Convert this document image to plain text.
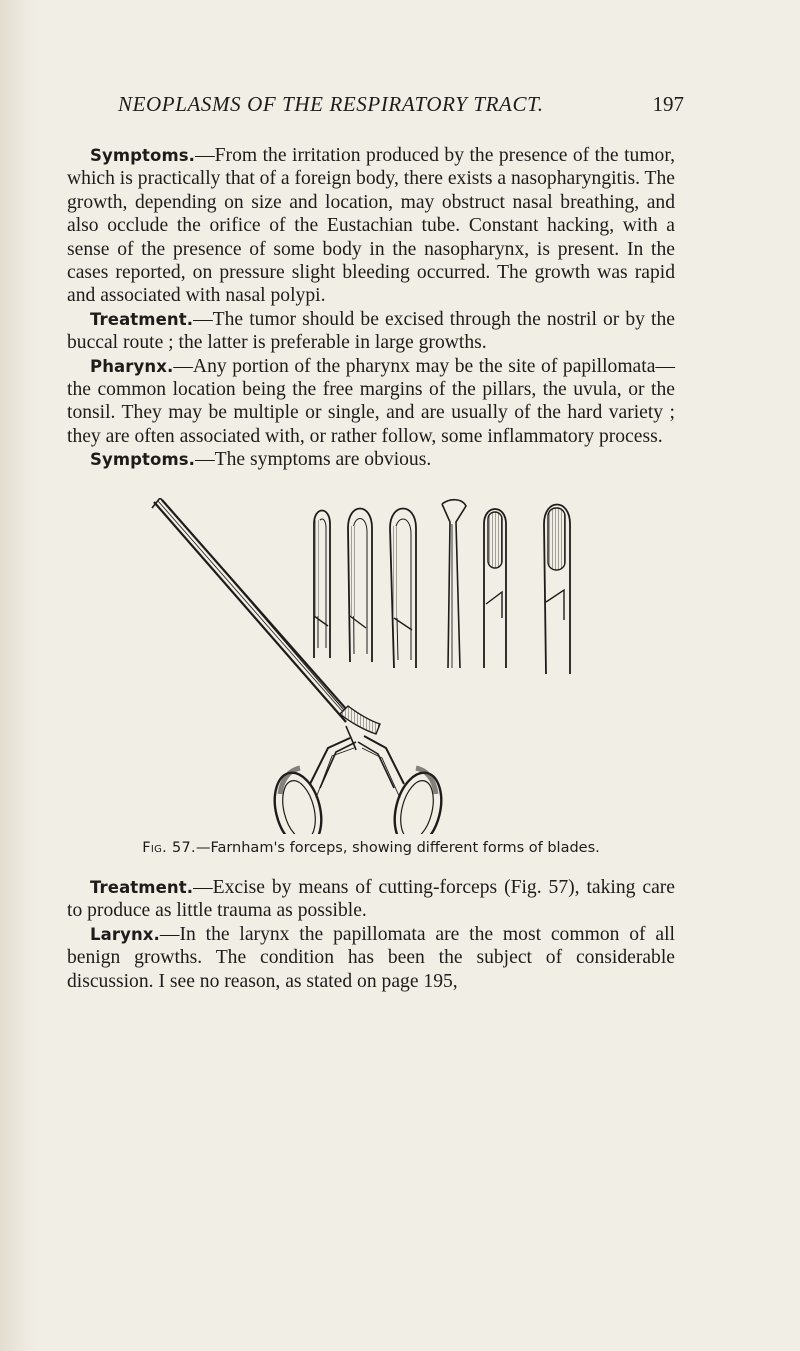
NEOPLASMS OF THE RESPIRATORY TRACT.	197

Symptoms.—From the irritation produced by the presence of the tumor, which is practically that of a foreign body, there exists a nasopharyngitis. The growth, depending on size and location, may obstruct nasal breathing, and also occlude the orifice of the Eustachian tube. Constant hacking, with a sense of the presence of some body in the nasopharynx, is present. In the cases reported, on pressure slight bleeding occurred. The growth was rapid and associated with nasal polypi.

Treatment.—The tumor should be excised through the nostril or by the buccal route ; the latter is preferable in large growths.

Pharynx.—Any portion of the pharynx may be the site of papillomata—the common location being the free margins of the pillars, the uvula, or the tonsil. They may be multiple or single, and are usually of the hard variety ; they are often associated with, or rather follow, some inflammatory process.

Symptoms.—The symptoms are obvious.

Fig. 57.—Farnham's forceps, showing different forms of blades.

Treatment.—Excise by means of cutting-forceps (Fig. 57), taking care to produce as little trauma as possible.

Larynx.—In the larynx the papillomata are the most common of all benign growths. The condition has been the subject of considerable discussion. I see no reason, as stated on page 195,
